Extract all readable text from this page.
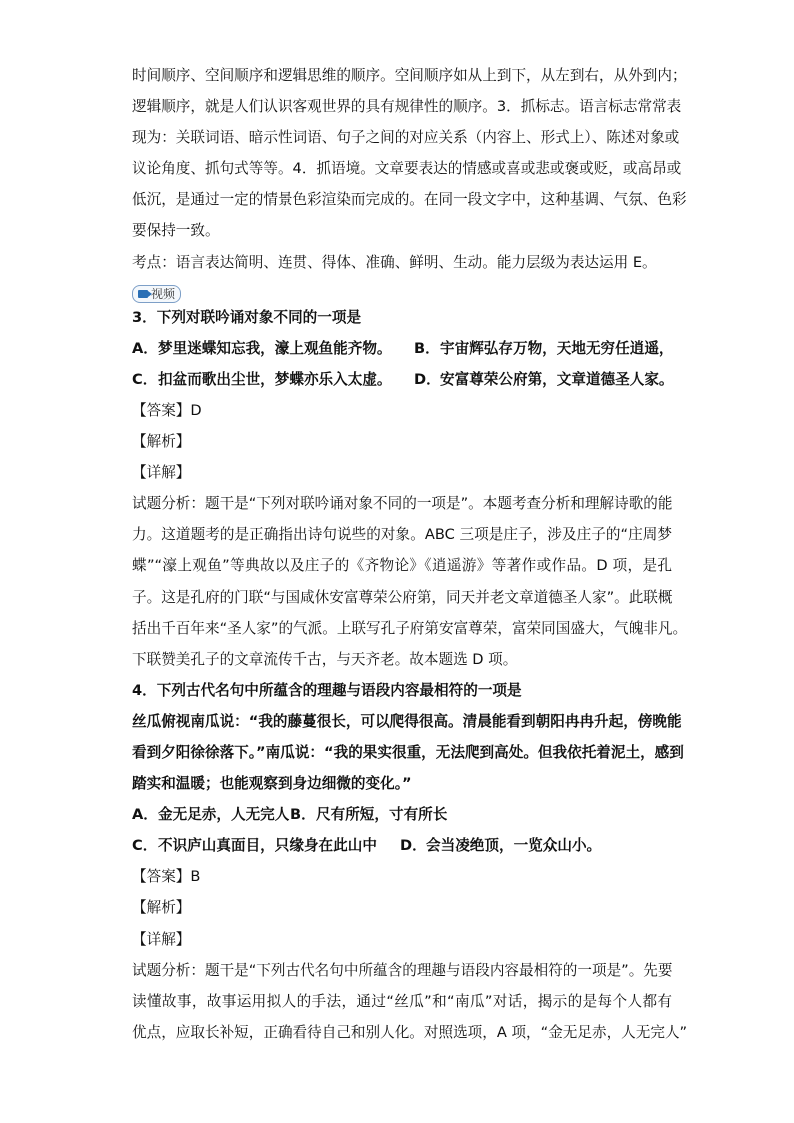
时间顺序、空间顺序和逻辑思维的顺序。空间顺序如从上到下，从左到右，从外到内；
逻辑顺序，就是人们认识客观世界的具有规律性的顺序。3．抓标志。语言标志常常表
现为：关联词语、暗示性词语、句子之间的对应关系（内容上、形式上）、陈述对象或
议论角度、抓句式等等。4．抓语境。文章要表达的情感或喜或悲或褒或贬，或高昂或
低沉，是通过一定的情景色彩渲染而完成的。在同一段文字中，这种基调、气氛、色彩
要保持一致。
考点：语言表达简明、连贯、得体、准确、鲜明、生动。能力层级为表达运用 E。
视频
3．下列对联吟诵对象不同的一项是
A．梦里迷蝶知忘我，濠上观鱼能齐物。 B．宇宙辉弘存万物，天地无穷任逍遥，
C．扣盆而歌出尘世，梦蝶亦乐入太虚。 D．安富尊荣公府第，文章道德圣人家。
【答案】D
【解析】
【详解】
试题分析：题干是“下列对联吟诵对象不同的一项是”。本题考查分析和理解诗歌的能
力。这道题考的是正确指出诗句说些的对象。ABC 三项是庄子，涉及庄子的“庄周梦
蝶”“濠上观鱼”等典故以及庄子的《齐物论》《逍遥游》等著作或作品。D 项，是孔
子。这是孔府的门联“与国咸休安富尊荣公府第，同天并老文章道德圣人家”。此联概
括出千百年来“圣人家”的气派。上联写孔子府第安富尊荣，富荣同国盛大，气魄非凡。
下联赞美孔子的文章流传千古，与天齐老。故本题选 D 项。
4．下列古代名句中所蕴含的理趣与语段内容最相符的一项是
丝瓜俯视南瓜说：“我的藤蔓很长，可以爬得很高。清晨能看到朝阳冉冉升起，傍晚能
看到夕阳徐徐落下。”南瓜说：“我的果实很重，无法爬到高处。但我依托着泥土，感到
踏实和温暖；也能观察到身边细微的变化。”
A．金无足赤，人无完人B．尺有所短，寸有所长
C．不识庐山真面目，只缘身在此山中 D．会当凌绝顶，一览众山小。
【答案】B
【解析】
【详解】
试题分析：题干是“下列古代名句中所蕴含的理趣与语段内容最相符的一项是”。先要
读懂故事，故事运用拟人的手法，通过“丝瓜”和“南瓜”对话，揭示的是每个人都有
优点，应取长补短，正确看待自己和别人化。对照选项，A 项，“金无足赤，人无完人”
